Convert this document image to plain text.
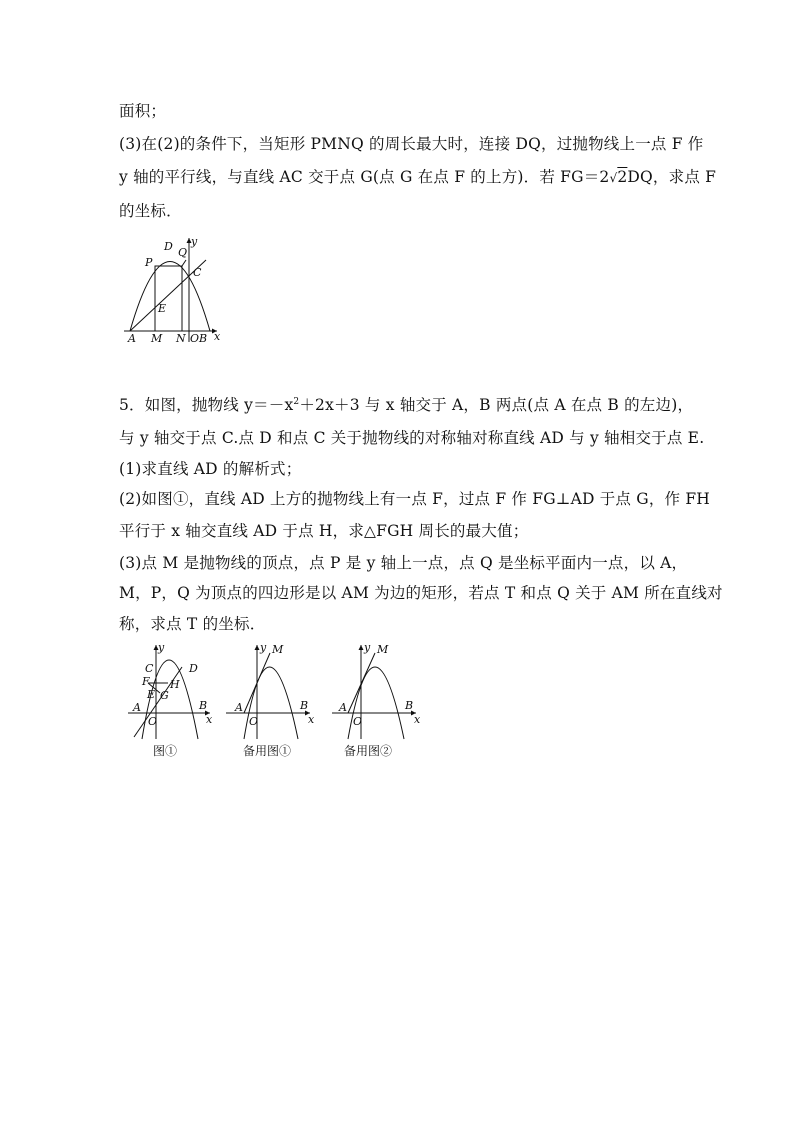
面积；
(3)在(2)的条件下，当矩形 PMNQ 的周长最大时，连接 DQ，过抛物线上一点 F 作
y 轴的平行线，与直线 AC 交于点 G(点 G 在点 F 的上方)．若 FG＝2√2DQ，求点 F
的坐标．
D Q
y
P
C
E
A M N OB x
5．如图，抛物线 $y=-x^2+2x+3$ 与 x 轴交于 A，B 两点(点 A 在点 B 的左边)，
与 y 轴交于点 C.点 D 和点 C 关于抛物线的对称轴对称直线 AD 与 y 轴相交于点 E.
(1)求直线 AD 的解析式；
(2)如图①，直线 AD 上方的抛物线上有一点 F，过点 F 作 FG⊥AD 于点 G，作 FH
平行于 x 轴交直线 AD 于点 H，求△FGH 周长的最大值；
(3)点 M 是抛物线的顶点，点 P 是 y 轴上一点，点 Q 是坐标平面内一点，以 A，
M，P，Q 为顶点的四边形是以 AM 为边的矩形，若点 T 和点 Q 关于 AM 所在直线对
称，求点 T 的坐标．
y
C	D
F H
E G
A
O
B
x
图①
y M
A
O
B
x
备用图①
y M
A
O
B
x
备用图②
